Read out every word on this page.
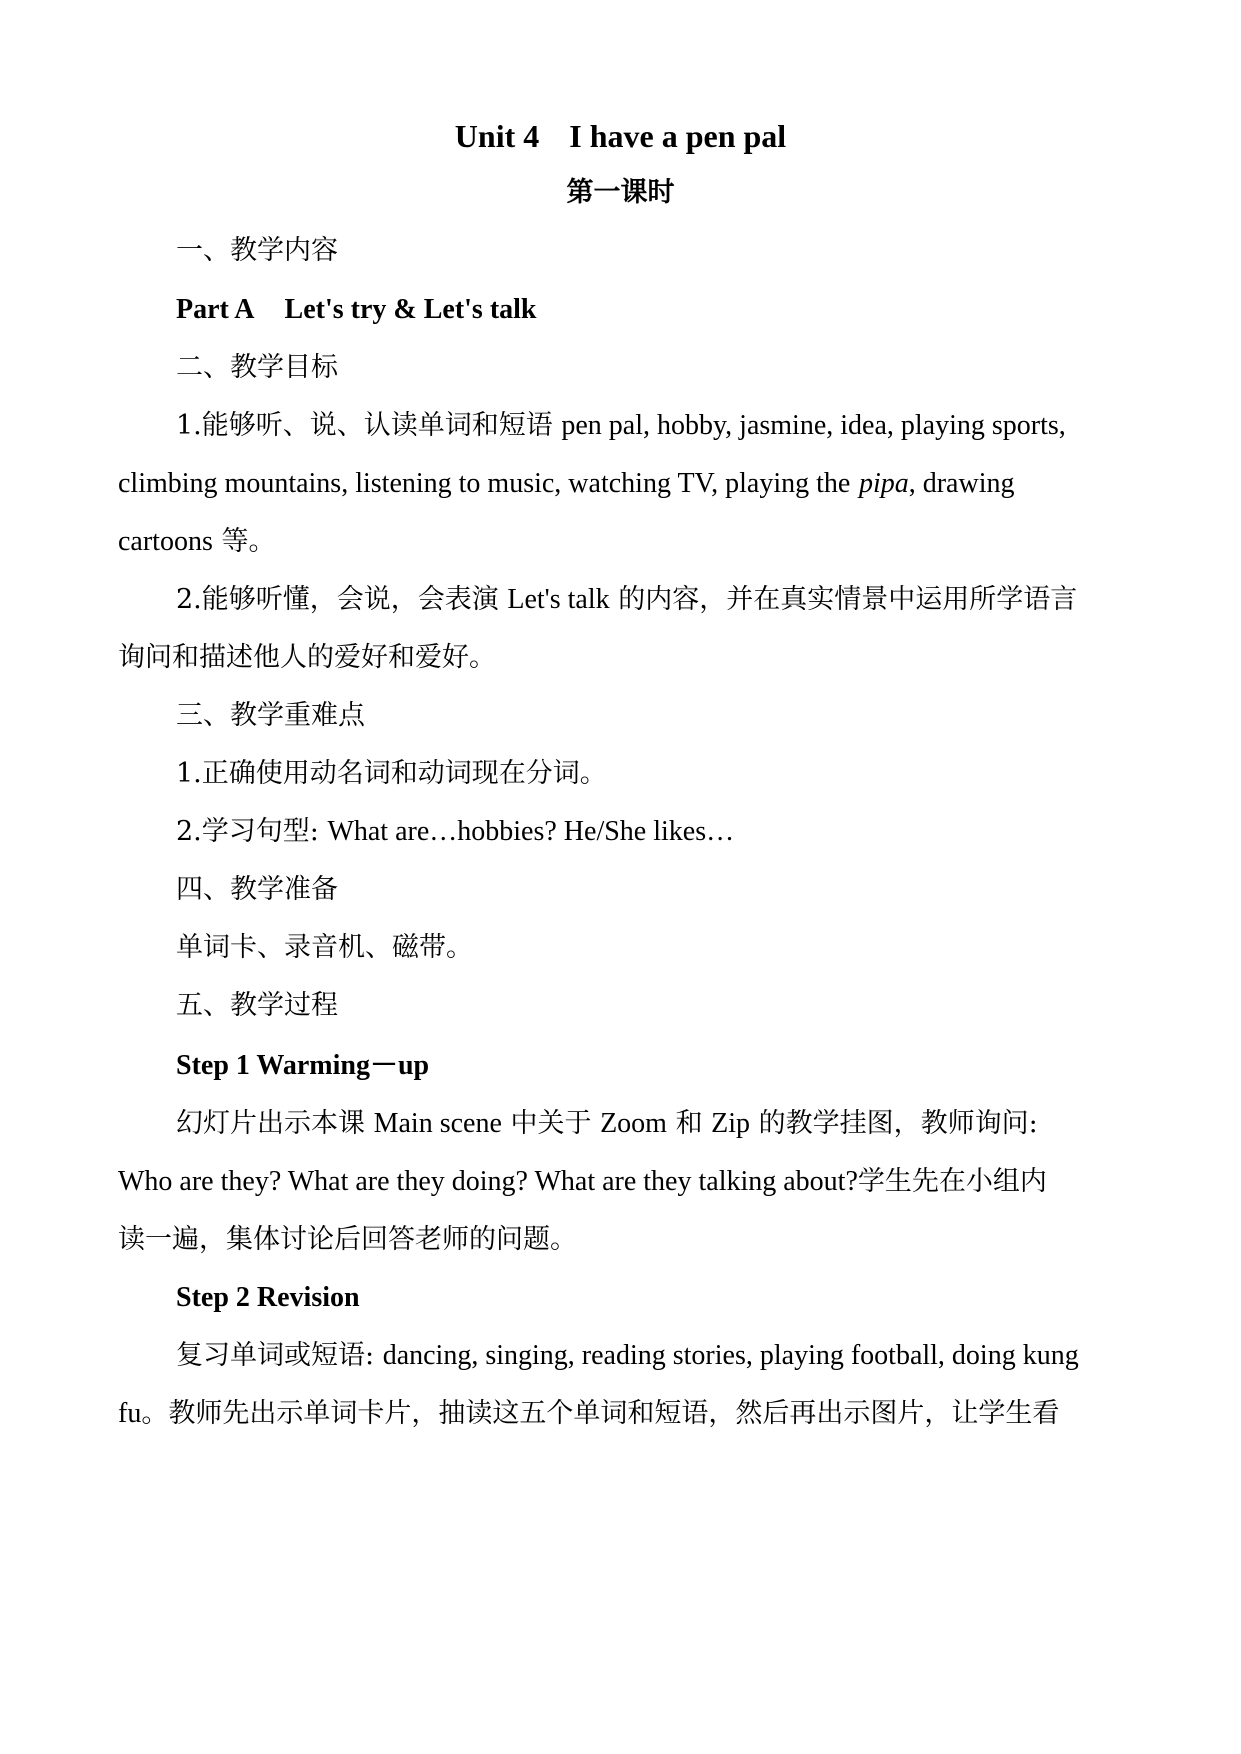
Unit 4 I have a pen pal
第一课时
一、教学内容
Part A Let's try & Let's talk
二、教学目标
1.能够听、说、认读单词和短语 pen pal, hobby, jasmine, idea, playing sports,
climbing mountains, listening to music, watching TV, playing the pipa, drawing
cartoons 等。
2.能够听懂，会说，会表演 Let's talk 的内容，并在真实情景中运用所学语言
询问和描述他人的爱好和爱好。
三、教学重难点
1.正确使用动名词和动词现在分词。
2.学习句型: What are…hobbies? He/She likes…
四、教学准备
单词卡、录音机、磁带。
五、教学过程
Step 1 Warming－up
幻灯片出示本课 Main scene 中关于 Zoom 和 Zip 的教学挂图，教师询问:
Who are they? What are they doing? What are they talking about?学生先在小组内
读一遍，集体讨论后回答老师的问题。
Step 2 Revision
复习单词或短语: dancing, singing, reading stories, playing football, doing kung
fu。教师先出示单词卡片，抽读这五个单词和短语，然后再出示图片，让学生看
